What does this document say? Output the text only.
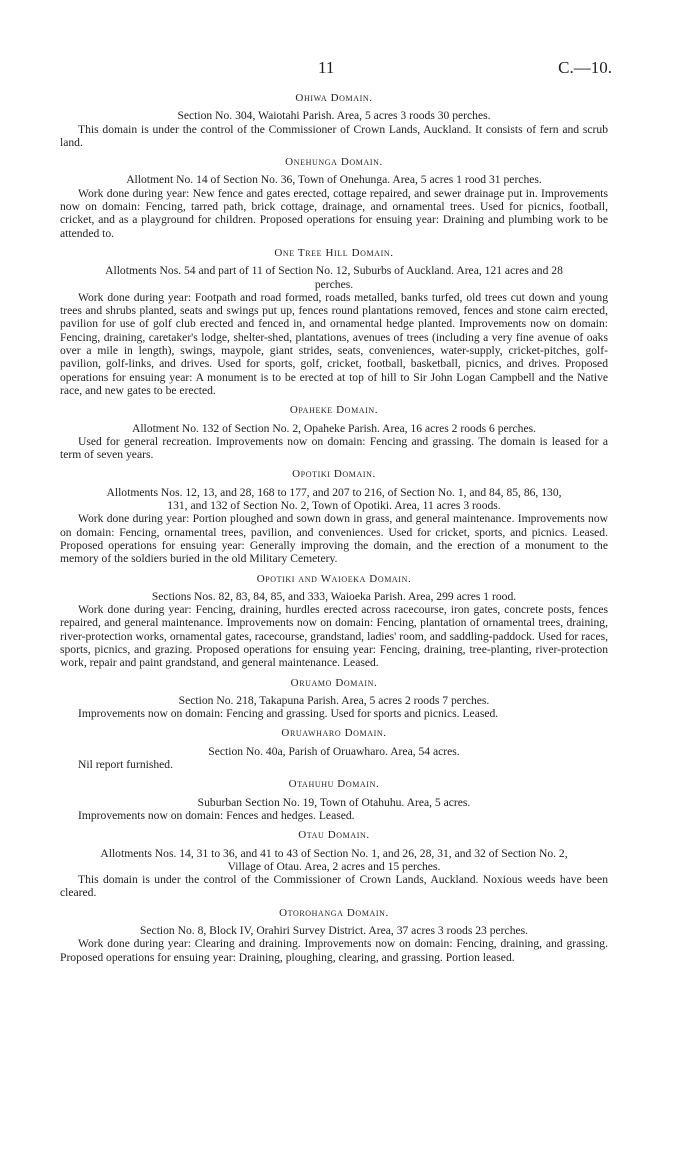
11	C.—10.
Ohiwa Domain.

Section No. 304, Waiotahi Parish. Area, 5 acres 3 roods 30 perches.

This domain is under the control of the Commissioner of Crown Lands, Auckland. It consists of fern and scrub land.

Onehunga Domain.

Allotment No. 14 of Section No. 36, Town of Onehunga. Area, 5 acres 1 rood 31 perches.

Work done during year: New fence and gates erected, cottage repaired, and sewer drainage put in. Improvements now on domain: Fencing, tarred path, brick cottage, drainage, and ornamental trees. Used for picnics, football, cricket, and as a playground for children. Proposed operations for ensuing year: Draining and plumbing work to be attended to.

One Tree Hill Domain.

Allotments Nos. 54 and part of 11 of Section No. 12, Suburbs of Auckland. Area, 121 acres and 28 perches.

Work done during year: Footpath and road formed, roads metalled, banks turfed, old trees cut down and young trees and shrubs planted, seats and swings put up, fences round plantations removed, fences and stone cairn erected, pavilion for use of golf club erected and fenced in, and ornamental hedge planted. Improvements now on domain: Fencing, draining, caretaker's lodge, shelter-shed, plantations, avenues of trees (including a very fine avenue of oaks over a mile in length), swings, maypole, giant strides, seats, conveniences, water-supply, cricket-pitches, golf-pavilion, golf-links, and drives. Used for sports, golf, cricket, football, basketball, picnics, and drives. Proposed operations for ensuing year: A monument is to be erected at top of hill to Sir John Logan Campbell and the Native race, and new gates to be erected.

Opaheke Domain.

Allotment No. 132 of Section No. 2, Opaheke Parish. Area, 16 acres 2 roods 6 perches.

Used for general recreation. Improvements now on domain: Fencing and grassing. The domain is leased for a term of seven years.

Opotiki Domain.

Allotments Nos. 12, 13, and 28, 168 to 177, and 207 to 216, of Section No. 1, and 84, 85, 86, 130, 131, and 132 of Section No. 2, Town of Opotiki. Area, 11 acres 3 roods.

Work done during year: Portion ploughed and sown down in grass, and general maintenance. Improvements now on domain: Fencing, ornamental trees, pavilion, and conveniences. Used for cricket, sports, and picnics. Leased. Proposed operations for ensuing year: Generally improving the domain, and the erection of a monument to the memory of the soldiers buried in the old Military Cemetery.

Opotiki and Waioeka Domain.

Sections Nos. 82, 83, 84, 85, and 333, Waioeka Parish. Area, 299 acres 1 rood.

Work done during year: Fencing, draining, hurdles erected across racecourse, iron gates, concrete posts, fences repaired, and general maintenance. Improvements now on domain: Fencing, plantation of ornamental trees, draining, river-protection works, ornamental gates, racecourse, grandstand, ladies' room, and saddling-paddock. Used for races, sports, picnics, and grazing. Proposed operations for ensuing year: Fencing, draining, tree-planting, river-protection work, repair and paint grandstand, and general maintenance. Leased.

Oruamo Domain.

Section No. 218, Takapuna Parish. Area, 5 acres 2 roods 7 perches.

Improvements now on domain: Fencing and grassing. Used for sports and picnics. Leased.

Oruawharo Domain.

Section No. 40a, Parish of Oruawharo. Area, 54 acres.

Nil report furnished.

Otahuhu Domain.

Suburban Section No. 19, Town of Otahuhu. Area, 5 acres.

Improvements now on domain: Fences and hedges. Leased.

Otau Domain.

Allotments Nos. 14, 31 to 36, and 41 to 43 of Section No. 1, and 26, 28, 31, and 32 of Section No. 2, Village of Otau. Area, 2 acres and 15 perches.

This domain is under the control of the Commissioner of Crown Lands, Auckland. Noxious weeds have been cleared.

Otorohanga Domain.

Section No. 8, Block IV, Orahiri Survey District. Area, 37 acres 3 roods 23 perches.

Work done during year: Clearing and draining. Improvements now on domain: Fencing, draining, and grassing. Proposed operations for ensuing year: Draining, ploughing, clearing, and grassing. Portion leased.
